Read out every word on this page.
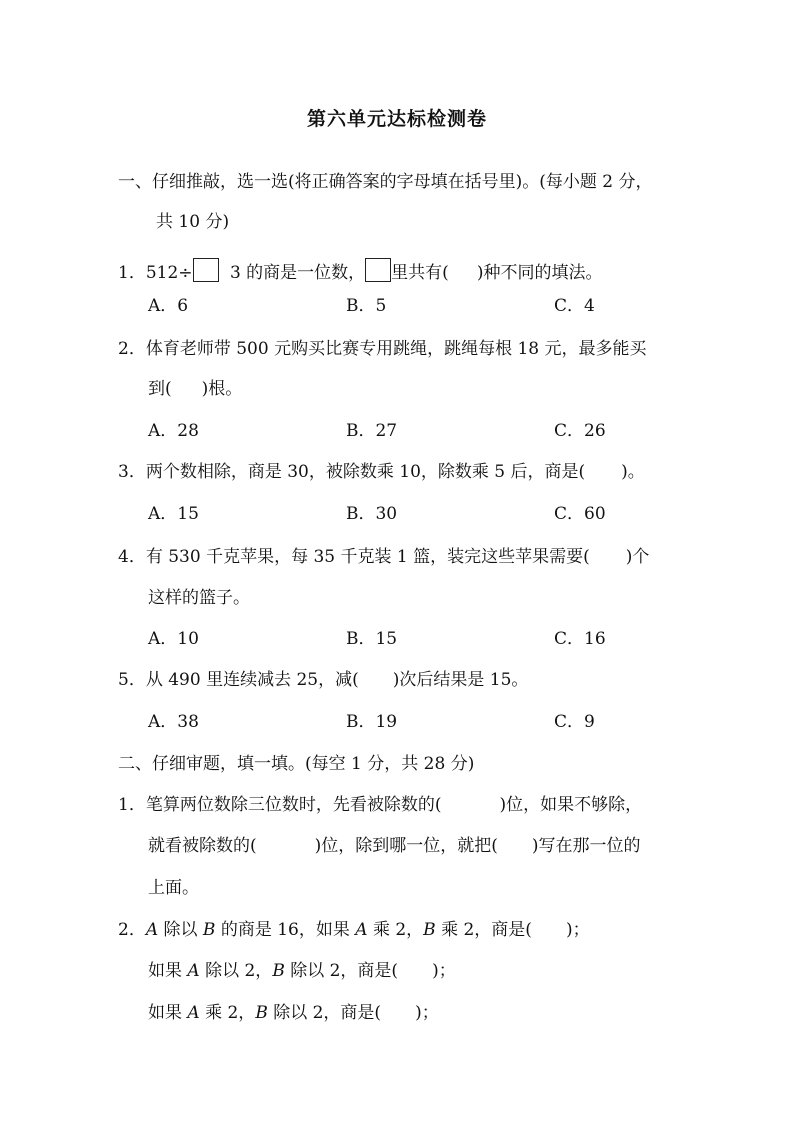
第六单元达标检测卷
一、仔细推敲，选一选(将正确答案的字母填在括号里)。(每小题 2 分，
共 10 分)
1．512÷ 3 的商是一位数， 里共有( )种不同的填法。
A．6	B．5	C．4
2．体育老师带 500 元购买比赛专用跳绳，跳绳每根 18 元，最多能买
到( )根。
A．28	B．27	C．26
3．两个数相除，商是 30，被除数乘 10，除数乘 5 后，商是( )。
A．15	B．30	C．60
4．有 530 千克苹果，每 35 千克装 1 篮，装完这些苹果需要( )个
这样的篮子。
A．10	B．15	C．16
5．从 490 里连续减去 25，减( )次后结果是 15。
A．38	B．19	C．9
二、仔细审题，填一填。(每空 1 分，共 28 分)
1．笔算两位数除三位数时，先看被除数的(	)位，如果不够除，
就看被除数的(	)位，除到哪一位，就把( )写在那一位的
上面。
2．A 除以 B 的商是 16，如果 A 乘 2，B 乘 2，商是( )；
如果 A 除以 2，B 除以 2，商是( )；
如果 A 乘 2，B 除以 2，商是( )；
